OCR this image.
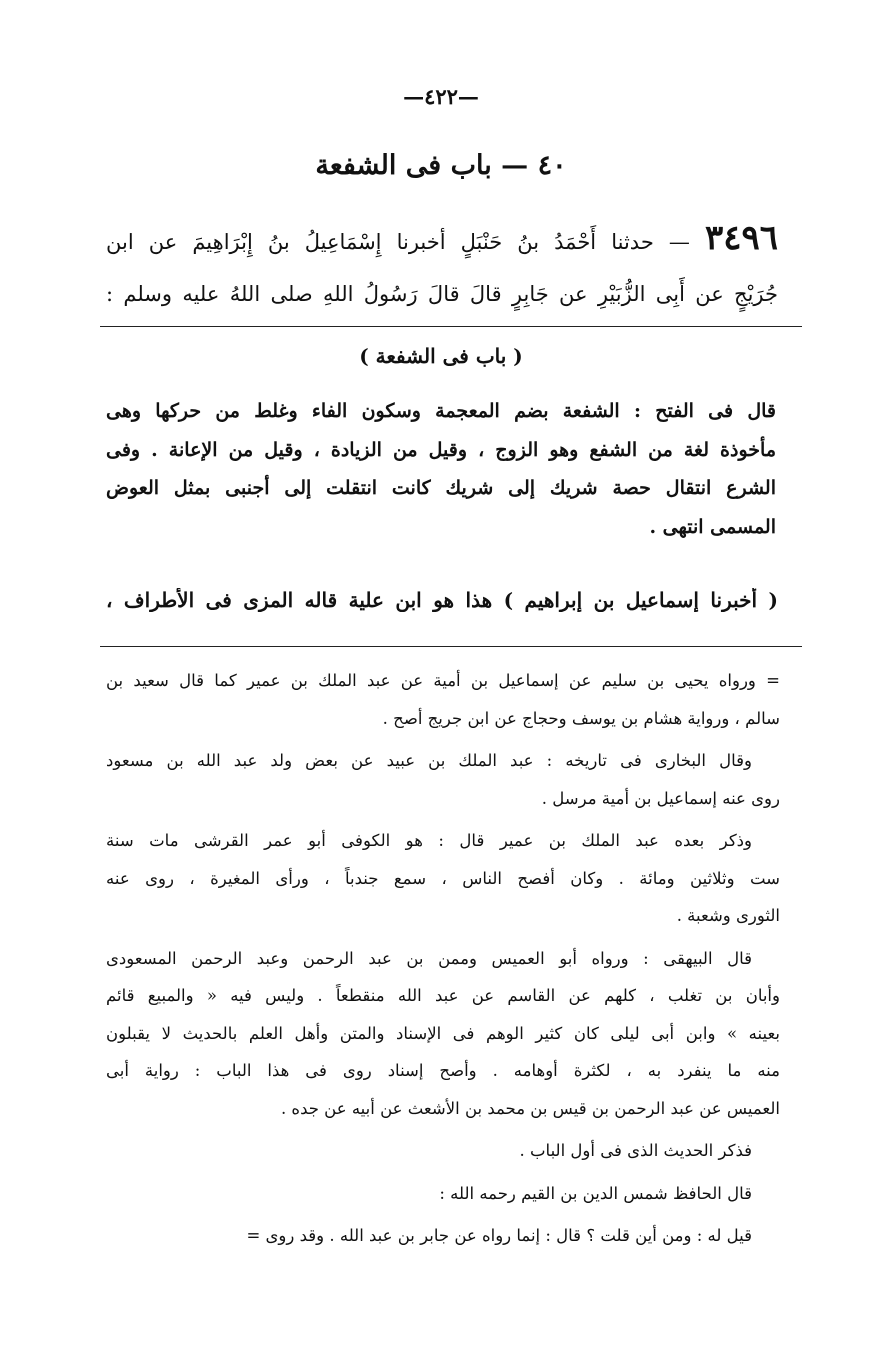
—٤٢٢—
٤٠ — باب فى الشفعة
٣٤٩٦ — حدثنا أَحْمَدُ بنُ حَنْبَلٍ أخبرنا إِسْمَاعِيلُ بنُ إِبْرَاهِيمَ عن ابن
جُرَيْجٍ عن أَبِى الزُّبَيْرِ عن جَابِرٍ قالَ قالَ رَسُولُ اللهِ صلى اللهُ عليه وسلم :
( باب فى الشفعة )
قال فى الفتح : الشفعة بضم المعجمة وسكون الفاء وغلط من حركها وهى
مأخوذة لغة من الشفع وهو الزوج ، وقيل من الزيادة ، وقيل من الإعانة . وفى
الشرع انتقال حصة شريك إلى شريك كانت انتقلت إلى أجنبى بمثل العوض
المسمى انتهى .
( أخبرنا إسماعيل بن إبراهيم ) هذا هو ابن علية قاله المزى فى الأطراف ،
= ورواه يحيى بن سليم عن إسماعيل بن أمية عن عبد الملك بن عمير كما قال سعيد بن
سالم ، ورواية هشام بن يوسف وحجاج عن ابن جريج أصح .
وقال البخارى فى تاريخه : عبد الملك بن عبيد عن بعض ولد عبد الله بن مسعود
روى عنه إسماعيل بن أمية مرسل .
وذكر بعده عبد الملك بن عمير قال : هو الكوفى أبو عمر القرشى مات سنة
ست وثلاثين ومائة . وكان أفصح الناس ، سمع جندباً ، ورأى المغيرة ، روى عنه
الثورى وشعبة .
قال البيهقى : ورواه أبو العميس وممن بن عبد الرحمن وعبد الرحمن المسعودى
وأبان بن تغلب ، كلهم عن القاسم عن عبد الله منقطعاً . وليس فيه « والمبيع قائم
بعينه » وابن أبى ليلى كان كثير الوهم فى الإسناد والمتن وأهل العلم بالحديث لا يقبلون
منه ما ينفرد به ، لكثرة أوهامه . وأصح إسناد روى فى هذا الباب : رواية أبى
العميس عن عبد الرحمن بن قيس بن محمد بن الأشعث عن أبيه عن جده .
فذكر الحديث الذى فى أول الباب .
قال الحافظ شمس الدين بن القيم رحمه الله :
قيل له : ومن أين قلت ؟ قال : إنما رواه عن جابر بن عبد الله . وقد روى =
